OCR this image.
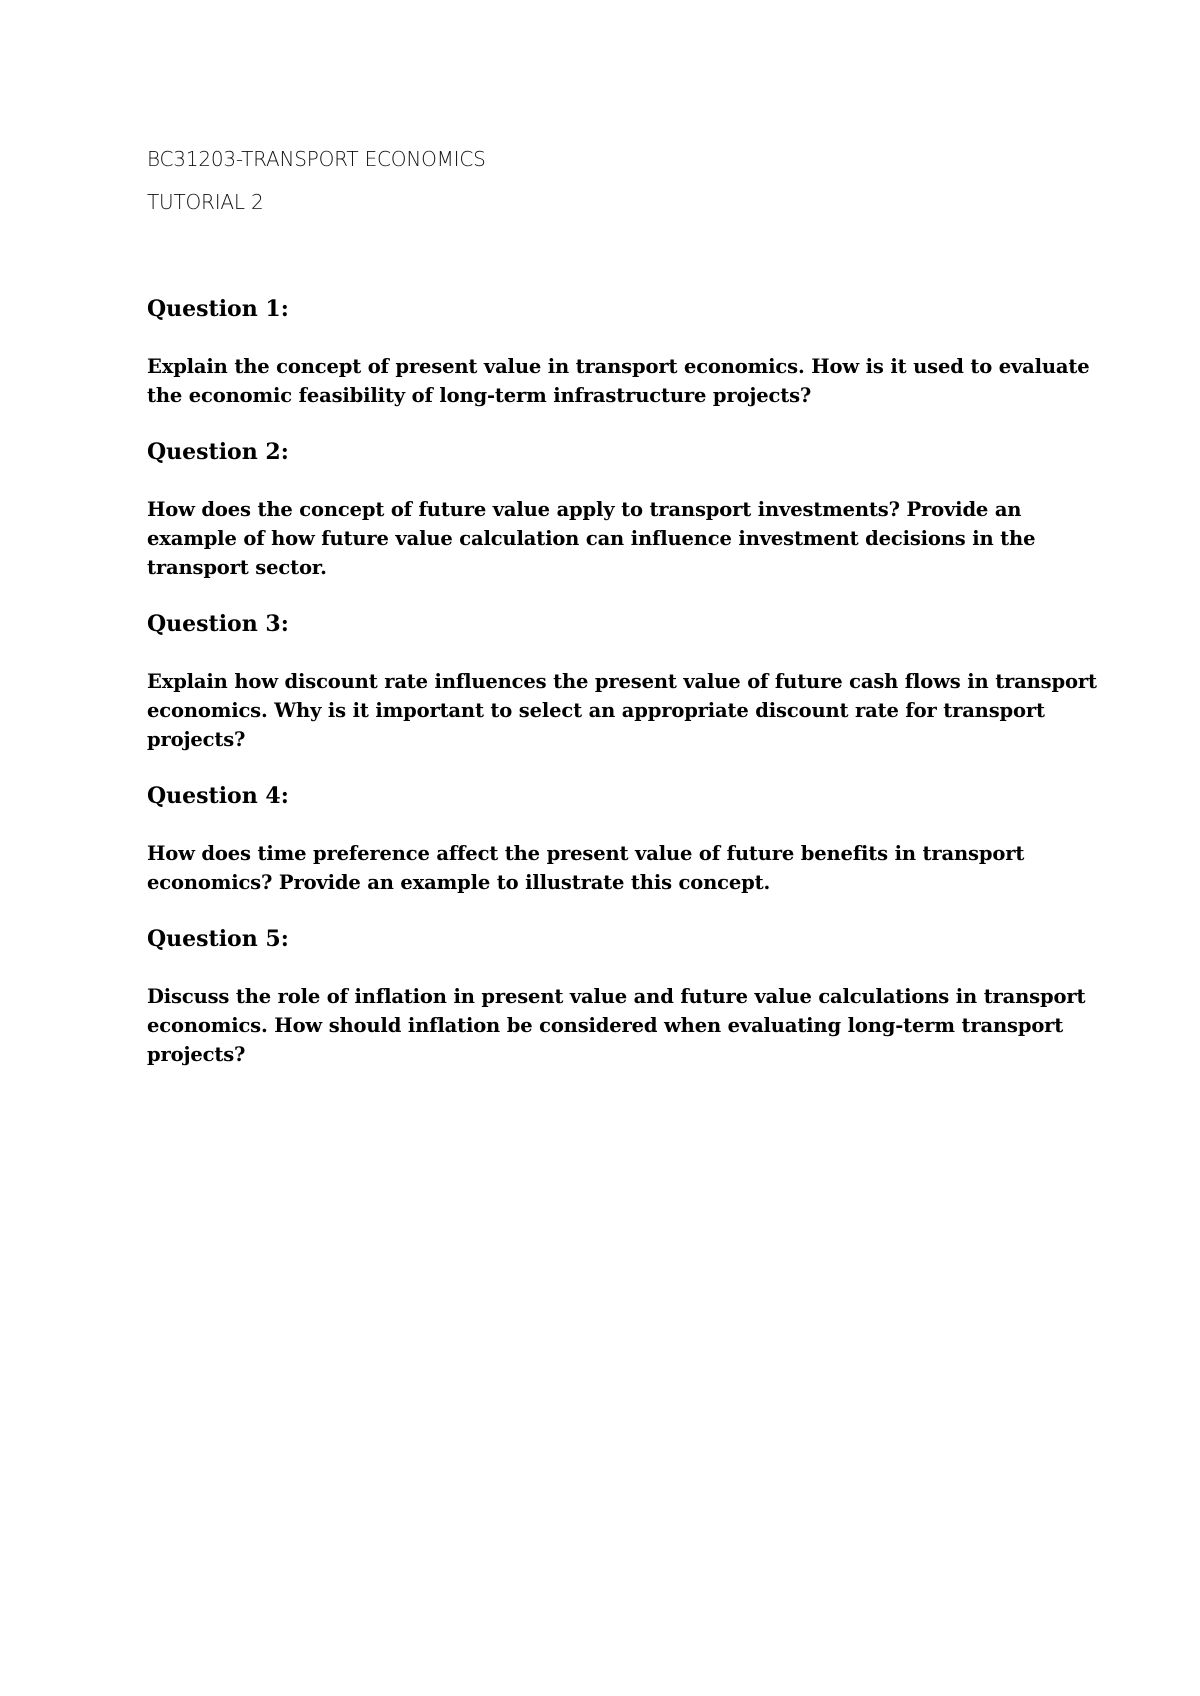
BC31203-TRANSPORT ECONOMICS
TUTORIAL 2
Question 1:
Explain the concept of present value in transport economics. How is it used to evaluate
the economic feasibility of long-term infrastructure projects?
Question 2:
How does the concept of future value apply to transport investments? Provide an
example of how future value calculation can influence investment decisions in the
transport sector.
Question 3:
Explain how discount rate influences the present value of future cash flows in transport
economics. Why is it important to select an appropriate discount rate for transport
projects?
Question 4:
How does time preference affect the present value of future benefits in transport
economics? Provide an example to illustrate this concept.
Question 5:
Discuss the role of inflation in present value and future value calculations in transport
economics. How should inflation be considered when evaluating long-term transport
projects?
